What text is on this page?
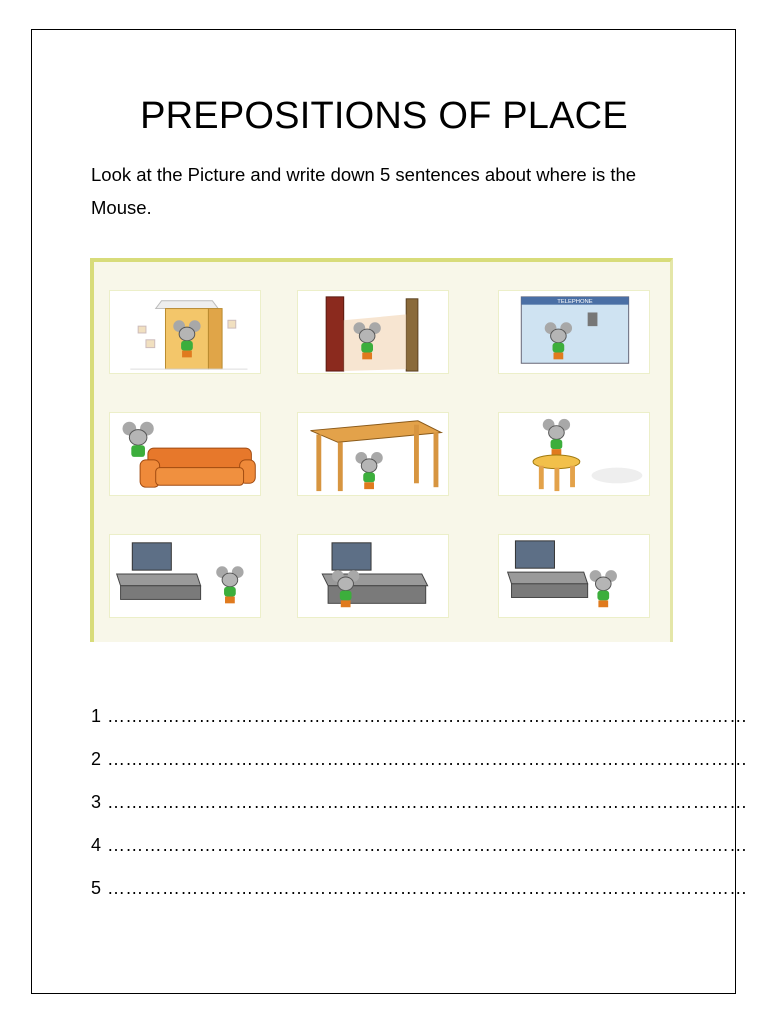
PREPOSITIONS OF PLACE
Look at the Picture and write down 5 sentences about where is the Mouse.
TELEPHONE
1 ……………………………………………………………………………………………
2 ……………………………………………………………………………………………
3 ……………………………………………………………………………………………
4 ……………………………………………………………………………………………
5 ……………………………………………………………………………………………
